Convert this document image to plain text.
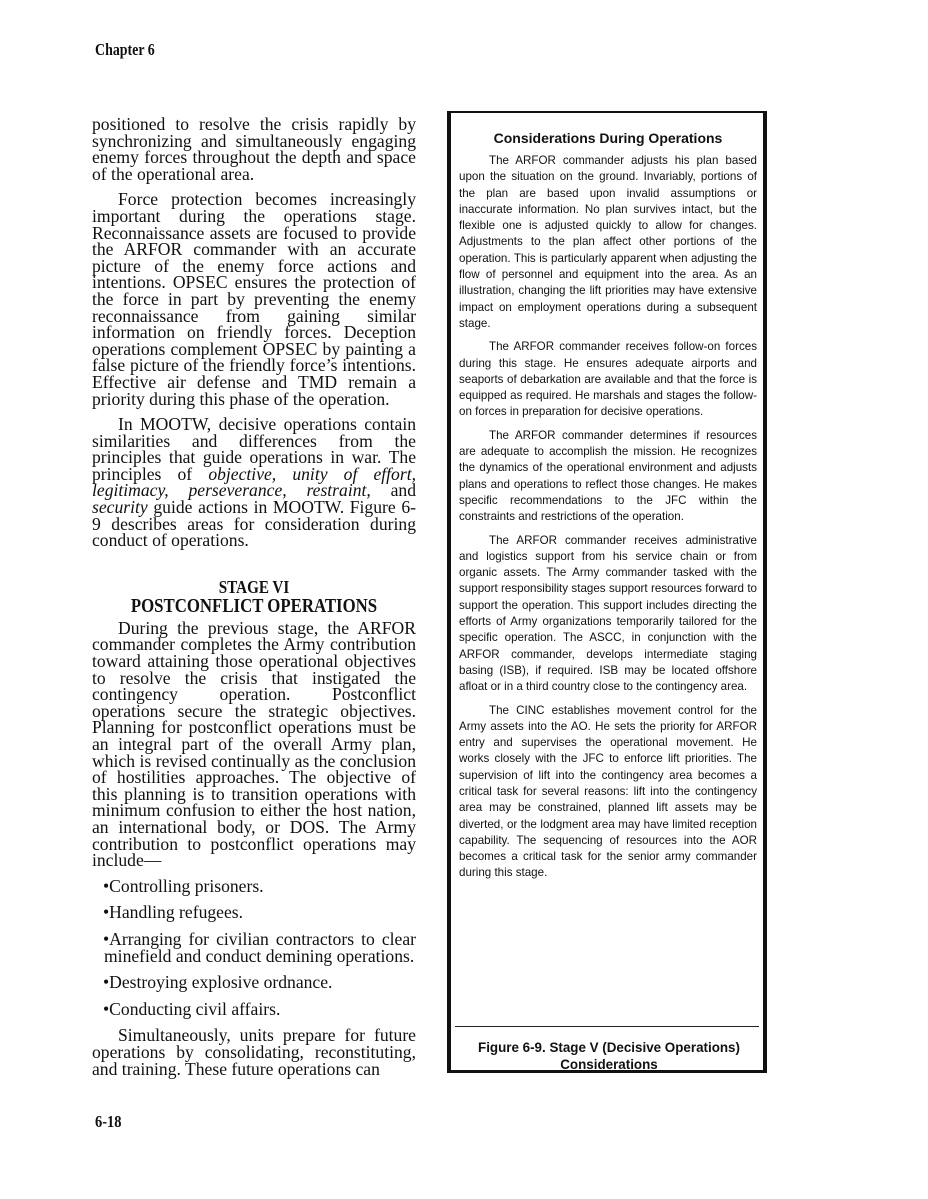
Chapter 6

positioned to resolve the crisis rapidly by synchronizing and simultaneously engaging enemy forces throughout the depth and space of the operational area.

Force protection becomes increasingly important during the operations stage. Reconnaissance assets are focused to provide the ARFOR commander with an accurate picture of the enemy force actions and intentions. OPSEC ensures the protection of the force in part by preventing the enemy reconnaissance from gaining similar information on friendly forces. Deception operations complement OPSEC by painting a false picture of the friendly force’s intentions. Effective air defense and TMD remain a priority during this phase of the operation.

In MOOTW, decisive operations contain similarities and differences from the principles that guide operations in war. The principles of objective, unity of effort, legitimacy, perseverance, restraint, and security guide actions in MOOTW. Figure 6-9 describes areas for consideration during conduct of operations.

STAGE VI
POSTCONFLICT OPERATIONS

During the previous stage, the ARFOR commander completes the Army contribution toward attaining those operational objectives to resolve the crisis that instigated the contingency operation. Postconflict operations secure the strategic objectives. Planning for postconflict operations must be an integral part of the overall Army plan, which is revised continually as the conclusion of hostilities approaches. The objective of this planning is to transition operations with minimum confusion to either the host nation, an international body, or DOS. The Army contribution to postconflict operations may include—

•Controlling prisoners.
•Handling refugees.
•Arranging for civilian contractors to clear minefield and conduct demining operations.
•Destroying explosive ordnance.
•Conducting civil affairs.

Simultaneously, units prepare for future operations by consolidating, reconstituting, and training. These future operations can

Considerations During Operations

The ARFOR commander adjusts his plan based upon the situation on the ground. Invariably, portions of the plan are based upon invalid assumptions or inaccurate information. No plan survives intact, but the flexible one is adjusted quickly to allow for changes. Adjustments to the plan affect other portions of the operation. This is particularly apparent when adjusting the flow of personnel and equipment into the area. As an illustration, changing the lift priorities may have extensive impact on employment operations during a subsequent stage.

The ARFOR commander receives follow-on forces during this stage. He ensures adequate airports and seaports of debarkation are available and that the force is equipped as required. He marshals and stages the follow-on forces in preparation for decisive operations.

The ARFOR commander determines if resources are adequate to accomplish the mission. He recognizes the dynamics of the operational environment and adjusts plans and operations to reflect those changes. He makes specific recommendations to the JFC within the constraints and restrictions of the operation.

The ARFOR commander receives administrative and logistics support from his service chain or from organic assets. The Army commander tasked with the support responsibility stages support resources forward to support the operation. This support includes directing the efforts of Army organizations temporarily tailored for the specific operation. The ASCC, in conjunction with the ARFOR commander, develops intermediate staging basing (ISB), if required. ISB may be located offshore afloat or in a third country close to the contingency area.

The CINC establishes movement control for the Army assets into the AO. He sets the priority for ARFOR entry and supervises the operational movement. He works closely with the JFC to enforce lift priorities. The supervision of lift into the contingency area becomes a critical task for several reasons: lift into the contingency area may be constrained, planned lift assets may be diverted, or the lodgment area may have limited reception capability. The sequencing of resources into the AOR becomes a critical task for the senior army commander during this stage.

Figure 6-9. Stage V (Decisive Operations) Considerations
6-18
